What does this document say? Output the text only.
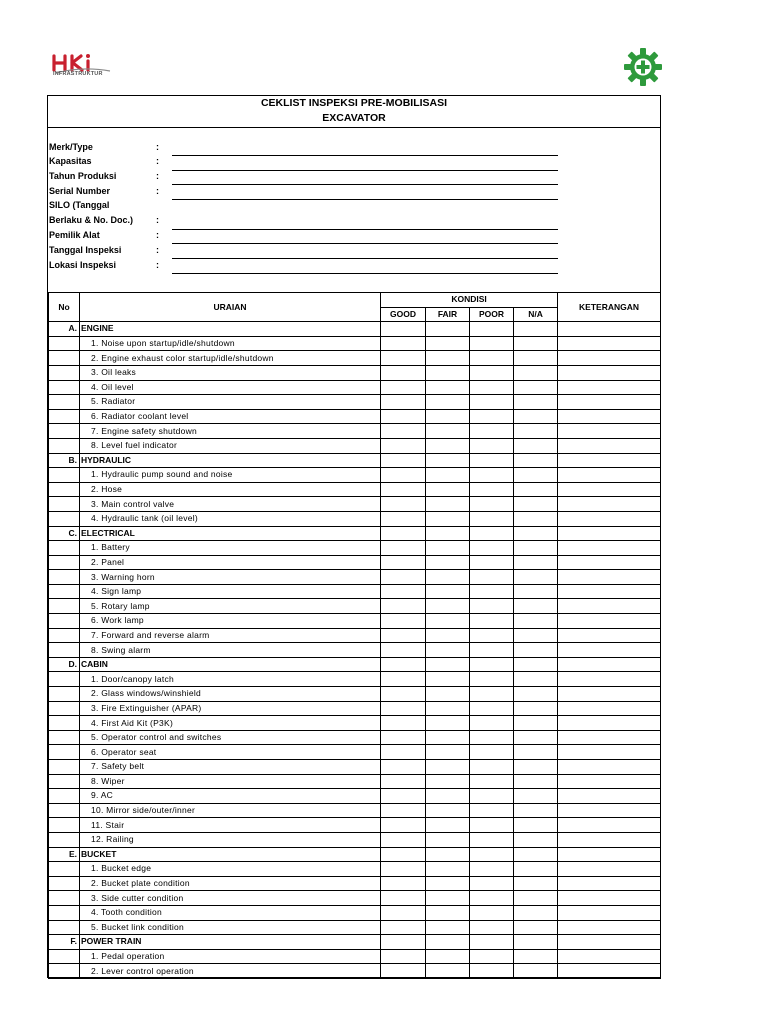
INFRASTRUKTUR
CEKLIST INSPEKSI PRE-MOBILISASI
EXCAVATOR
Merk/Type	:
Kapasitas	:
Tahun Produksi	:
Serial Number	:
SILO (Tanggal
Berlaku & No. Doc.)	:
Pemilik Alat	:
Tanggal Inspeksi	:
Lokasi Inspeksi	:
No	URAIAN	KONDISI				KETERANGAN
		GOOD	FAIR	POOR	N/A	
A.	ENGINE					
	1. Noise upon startup/idle/shutdown					
	2. Engine exhaust color startup/idle/shutdown					
	3. Oil leaks					
	4. Oil level					
	5. Radiator					
	6. Radiator coolant level					
	7. Engine safety shutdown					
	8. Level fuel indicator					
B.	HYDRAULIC					
	1. Hydraulic pump sound and noise					
	2. Hose					
	3. Main control valve					
	4. Hydraulic tank (oil level)					
C.	ELECTRICAL					
	1. Battery					
	2. Panel					
	3. Warning horn					
	4. Sign lamp					
	5. Rotary lamp					
	6. Work lamp					
	7. Forward and reverse alarm					
	8. Swing alarm					
D.	CABIN					
	1. Door/canopy latch					
	2. Glass windows/winshield					
	3. Fire Extinguisher (APAR)					
	4. First Aid Kit (P3K)					
	5. Operator control and switches					
	6. Operator seat					
	7. Safety belt					
	8. Wiper					
	9. AC					
	10. Mirror side/outer/inner					
	11. Stair					
	12. Railing					
E.	BUCKET					
	1. Bucket edge					
	2. Bucket plate condition					
	3. Side cutter condition					
	4. Tooth condition					
	5. Bucket link condition					
F.	POWER TRAIN					
	1. Pedal operation					
	2. Lever control operation					
